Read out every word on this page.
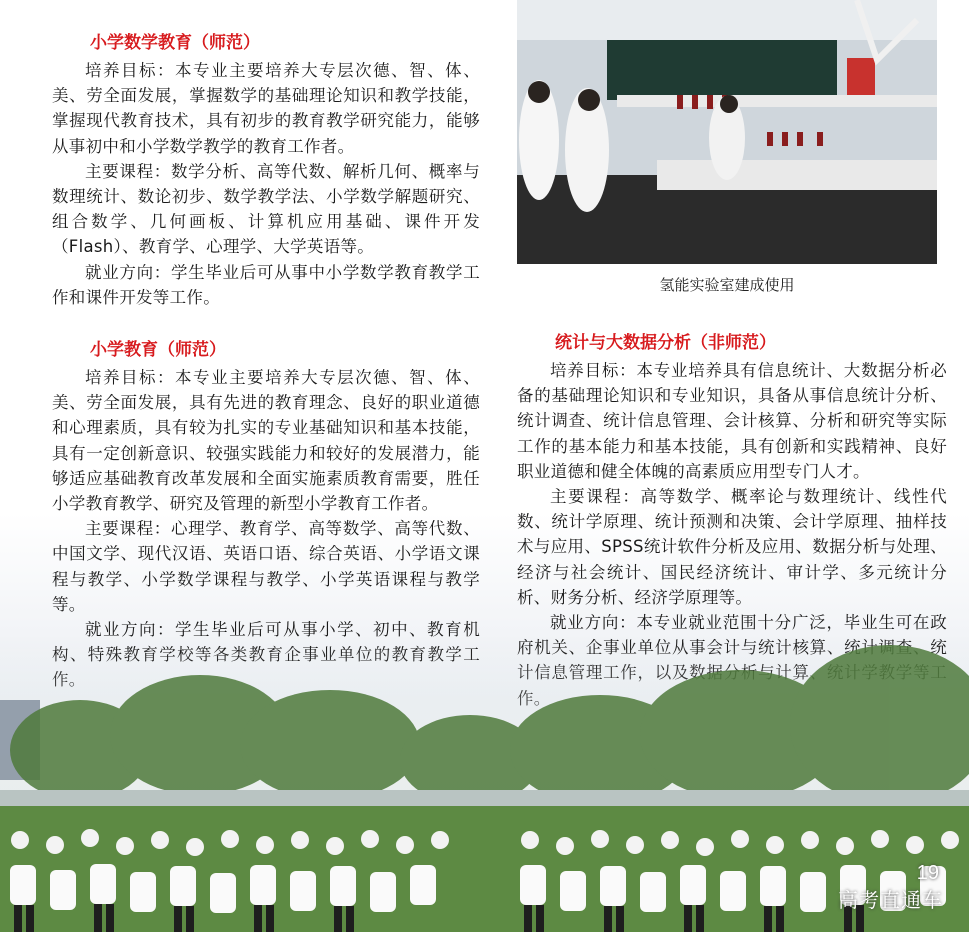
小学数学教育（师范）

培养目标：本专业主要培养大专层次德、智、体、美、劳全面发展，掌握数学的基础理论知识和教学技能，掌握现代教育技术，具有初步的教育教学研究能力，能够从事初中和小学数学教学的教育工作者。

主要课程：数学分析、高等代数、解析几何、概率与数理统计、数论初步、数学教学法、小学数学解题研究、组合数学、几何画板、计算机应用基础、课件开发（Flash）、教育学、心理学、大学英语等。

就业方向：学生毕业后可从事中小学数学教育教学工作和课件开发等工作。

小学教育（师范）

培养目标：本专业主要培养大专层次德、智、体、美、劳全面发展，具有先进的教育理念、良好的职业道德和心理素质，具有较为扎实的专业基础知识和基本技能，具有一定创新意识、较强实践能力和较好的发展潜力，能够适应基础教育改革发展和全面实施素质教育需要，胜任小学教育教学、研究及管理的新型小学教育工作者。

主要课程：心理学、教育学、高等数学、高等代数、中国文学、现代汉语、英语口语、综合英语、小学语文课程与教学、小学数学课程与教学、小学英语课程与教学等。

就业方向：学生毕业后可从事小学、初中、教育机

氢能实验室建成使用
统计与大数据分析（非师范）

培养目标：本专业培养具有信息统计、大数据分析必备的基础理论知识和专业知识，具备从事信息统计分析、统计调查、统计信息管理、会计核算、分析和研究等实际工作的基本能力和基本技能，具有创新和实践精神、良好职业道德和健全体魄的高素质应用型专门人才。

主要课程：高等数学、概率论与数理统计、线性代数、统计学原理、统计预测和决策、会计学原理、抽样技术与应用、SPSS统计软件分析及应用、数据分析与处理、经济与社会统计、国民经济统计、审计学、多元统计分析、财务分析、经济学原理等。

就业方向：本专业就业范围十分广泛，毕业生可在政

19
高考直通车
